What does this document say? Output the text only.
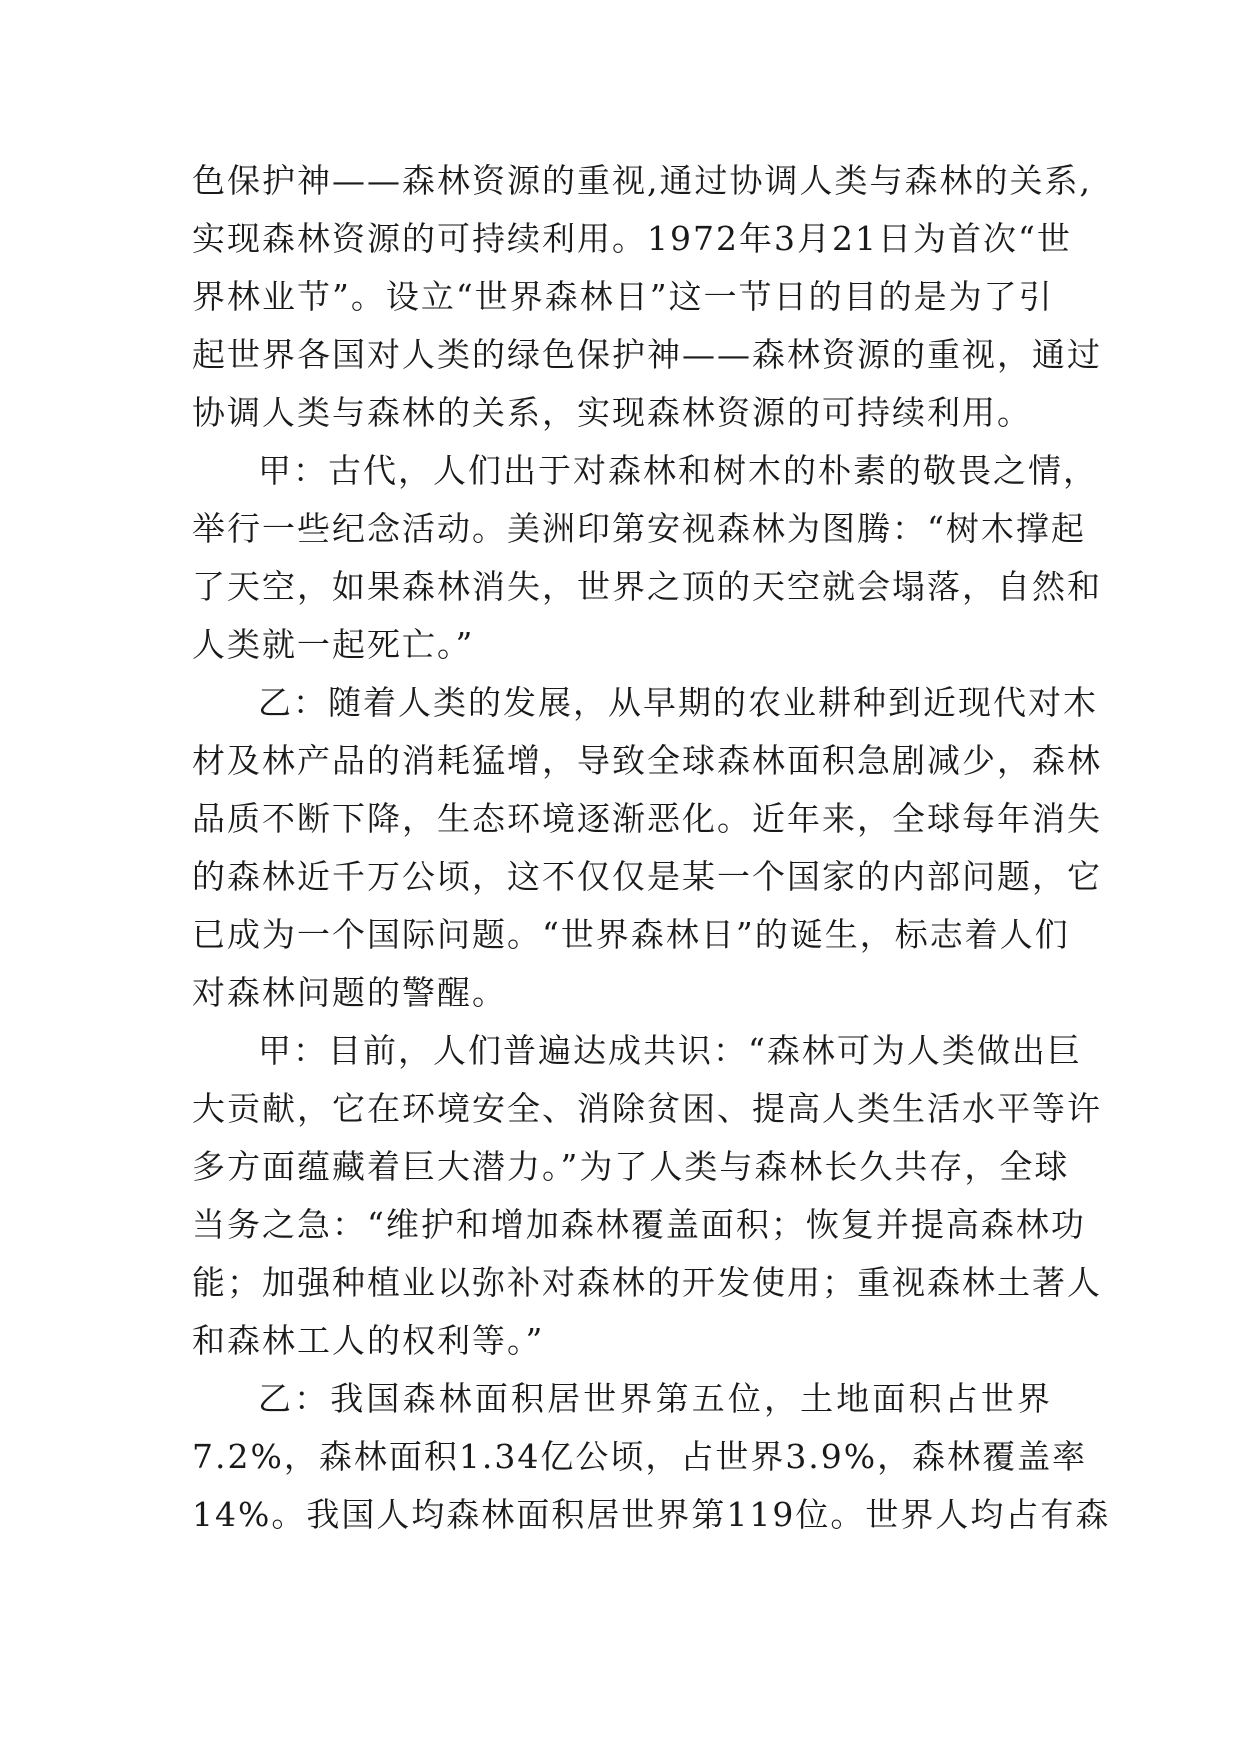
色保护神——森林资源的重视,通过协调人类与森林的关系,
实现森林资源的可持续利用。1972年3月21日为首次“世
界林业节”。设立“世界森林日”这一节日的目的是为了引
起世界各国对人类的绿色保护神——森林资源的重视，通过
协调人类与森林的关系，实现森林资源的可持续利用。
甲：古代，人们出于对森林和树木的朴素的敬畏之情，
举行一些纪念活动。美洲印第安视森林为图腾：“树木撑起
了天空，如果森林消失，世界之顶的天空就会塌落，自然和
人类就一起死亡。”
乙：随着人类的发展，从早期的农业耕种到近现代对木
材及林产品的消耗猛增，导致全球森林面积急剧减少，森林
品质不断下降，生态环境逐渐恶化。近年来，全球每年消失
的森林近千万公顷，这不仅仅是某一个国家的内部问题，它
已成为一个国际问题。“世界森林日”的诞生，标志着人们
对森林问题的警醒。
甲：目前，人们普遍达成共识：“森林可为人类做出巨
大贡献，它在环境安全、消除贫困、提高人类生活水平等许
多方面蕴藏着巨大潜力。”为了人类与森林长久共存，全球
当务之急：“维护和增加森林覆盖面积；恢复并提高森林功
能；加强种植业以弥补对森林的开发使用；重视森林土著人
和森林工人的权利等。”
乙：我国森林面积居世界第五位，土地面积占世界
7.2%，森林面积1.34亿公顷，占世界3.9%，森林覆盖率
14%。我国人均森林面积居世界第119位。世界人均占有森
